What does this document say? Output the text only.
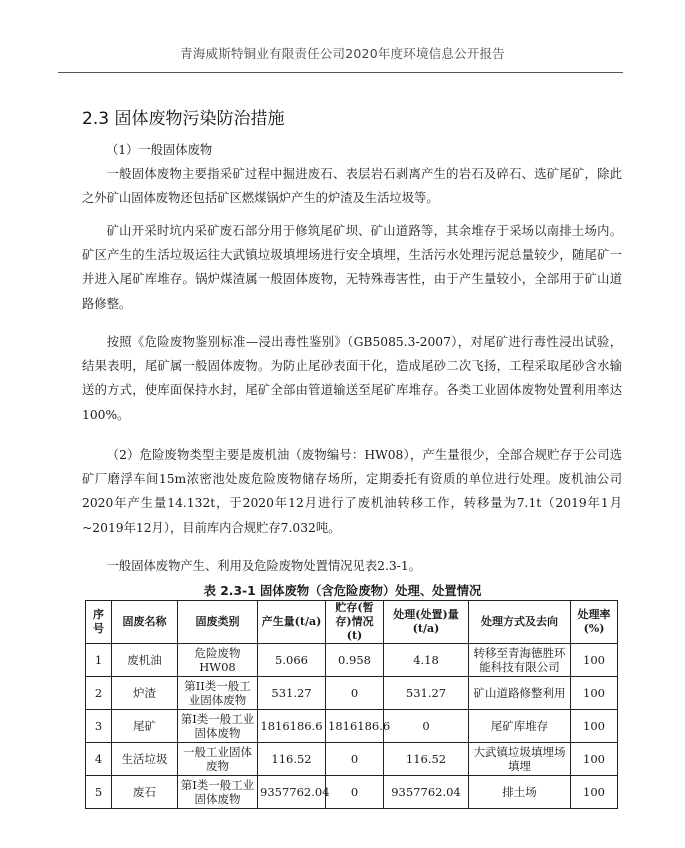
青海威斯特铜业有限责任公司2020年度环境信息公开报告
2.3 固体废物污染防治措施
（1）一般固体废物
一般固体废物主要指采矿过程中掘进废石、表层岩石剥离产生的岩石及碎石、选矿尾矿，除此之外矿山固体废物还包括矿区燃煤锅炉产生的炉渣及生活垃圾等。
矿山开采时坑内采矿废石部分用于修筑尾矿坝、矿山道路等，其余堆存于采场以南排土场内。矿区产生的生活垃圾运往大武镇垃圾填埋场进行安全填埋，生活污水处理污泥总量较少，随尾矿一并进入尾矿库堆存。锅炉煤渣属一般固体废物，无特殊毒害性，由于产生量较小，全部用于矿山道路修整。
按照《危险废物鉴别标准—浸出毒性鉴别》（GB5085.3-2007），对尾矿进行毒性浸出试验，结果表明，尾矿属一般固体废物。为防止尾砂表面干化，造成尾砂二次飞扬，工程采取尾砂含水输送的方式，使库面保持水封，尾矿全部由管道输送至尾矿库堆存。各类工业固体废物处置利用率达100%。
（2）危险废物类型主要是废机油（废物编号：HW08），产生量很少，全部合规贮存于公司选矿厂磨浮车间15m浓密池处废危险废物储存场所，定期委托有资质的单位进行处理。废机油公司2020年产生量14.132t，于2020年12月进行了废机油转移工作，转移量为7.1t（2019年1月~2019年12月），目前库内合规贮存7.032吨。
一般固体废物产生、利用及危险废物处置情况见表2.3-1。
表 2.3-1 固体废物（含危险废物）处理、处置情况
序号	固废名称	固废类别	产生量(t/a)	贮存(暂存)情况(t)	处理(处置)量(t/a)	处理方式及去向	处理率(%)
1	废机油	危险废物HW08	5.066	0.958	4.18	转移至青海德胜环能科技有限公司	100
2	炉渣	第II类一般工业固体废物	531.27	0	531.27	矿山道路修整利用	100
3	尾矿	第I类一般工业固体废物	1816186.6	1816186.6	0	尾矿库堆存	100
4	生活垃圾	一般工业固体废物	116.52	0	116.52	大武镇垃圾填埋场填埋	100
5	废石	第I类一般工业固体废物	9357762.04	0	9357762.04	排土场	100
